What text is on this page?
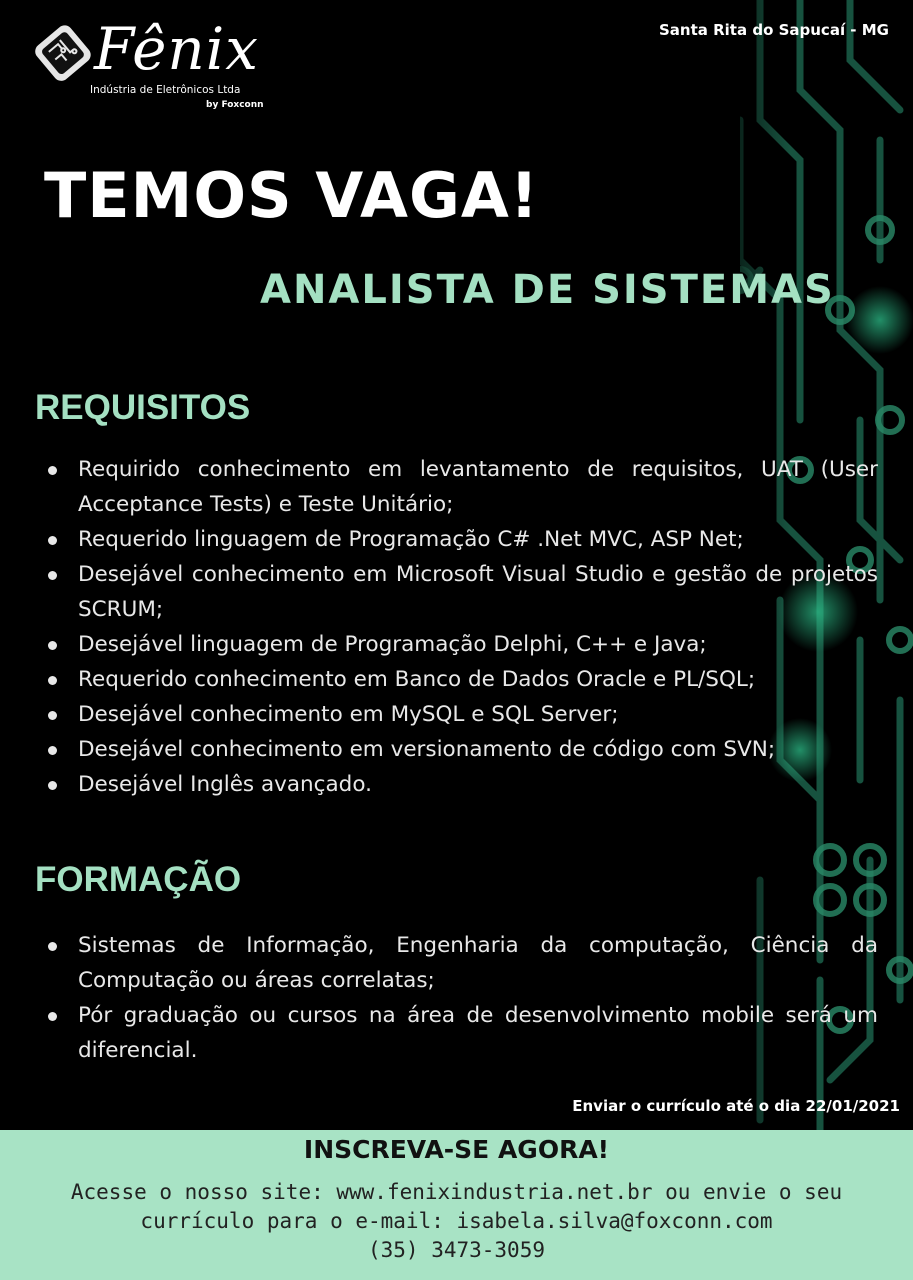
Fênix
Indústria de Eletrônicos Ltda
by Foxconn
Santa Rita do Sapucaí - MG
TEMOS VAGA!
ANALISTA DE SISTEMAS
REQUISITOS
Requirido conhecimento em levantamento de requisitos, UAT (User Acceptance Tests) e Teste Unitário;
Requerido linguagem de Programação C# .Net MVC, ASP Net;
Desejável conhecimento em Microsoft Visual Studio e gestão de projetos SCRUM;
Desejável linguagem de Programação Delphi, C++ e Java;
Requerido conhecimento em Banco de Dados Oracle e PL/SQL;
Desejável conhecimento em MySQL e SQL Server;
Desejável conhecimento em versionamento de código com SVN;
Desejável Inglês avançado.
FORMAÇÃO
Sistemas de Informação, Engenharia da computação, Ciência da Computação ou áreas correlatas;
Pór graduação ou cursos na área de desenvolvimento mobile será um diferencial.
Enviar o currículo até o dia 22/01/2021
INSCREVA-SE AGORA!
Acesse o nosso site: www.fenixindustria.net.br ou envie o seu
currículo para o e-mail: isabela.silva@foxconn.com
(35) 3473-3059
